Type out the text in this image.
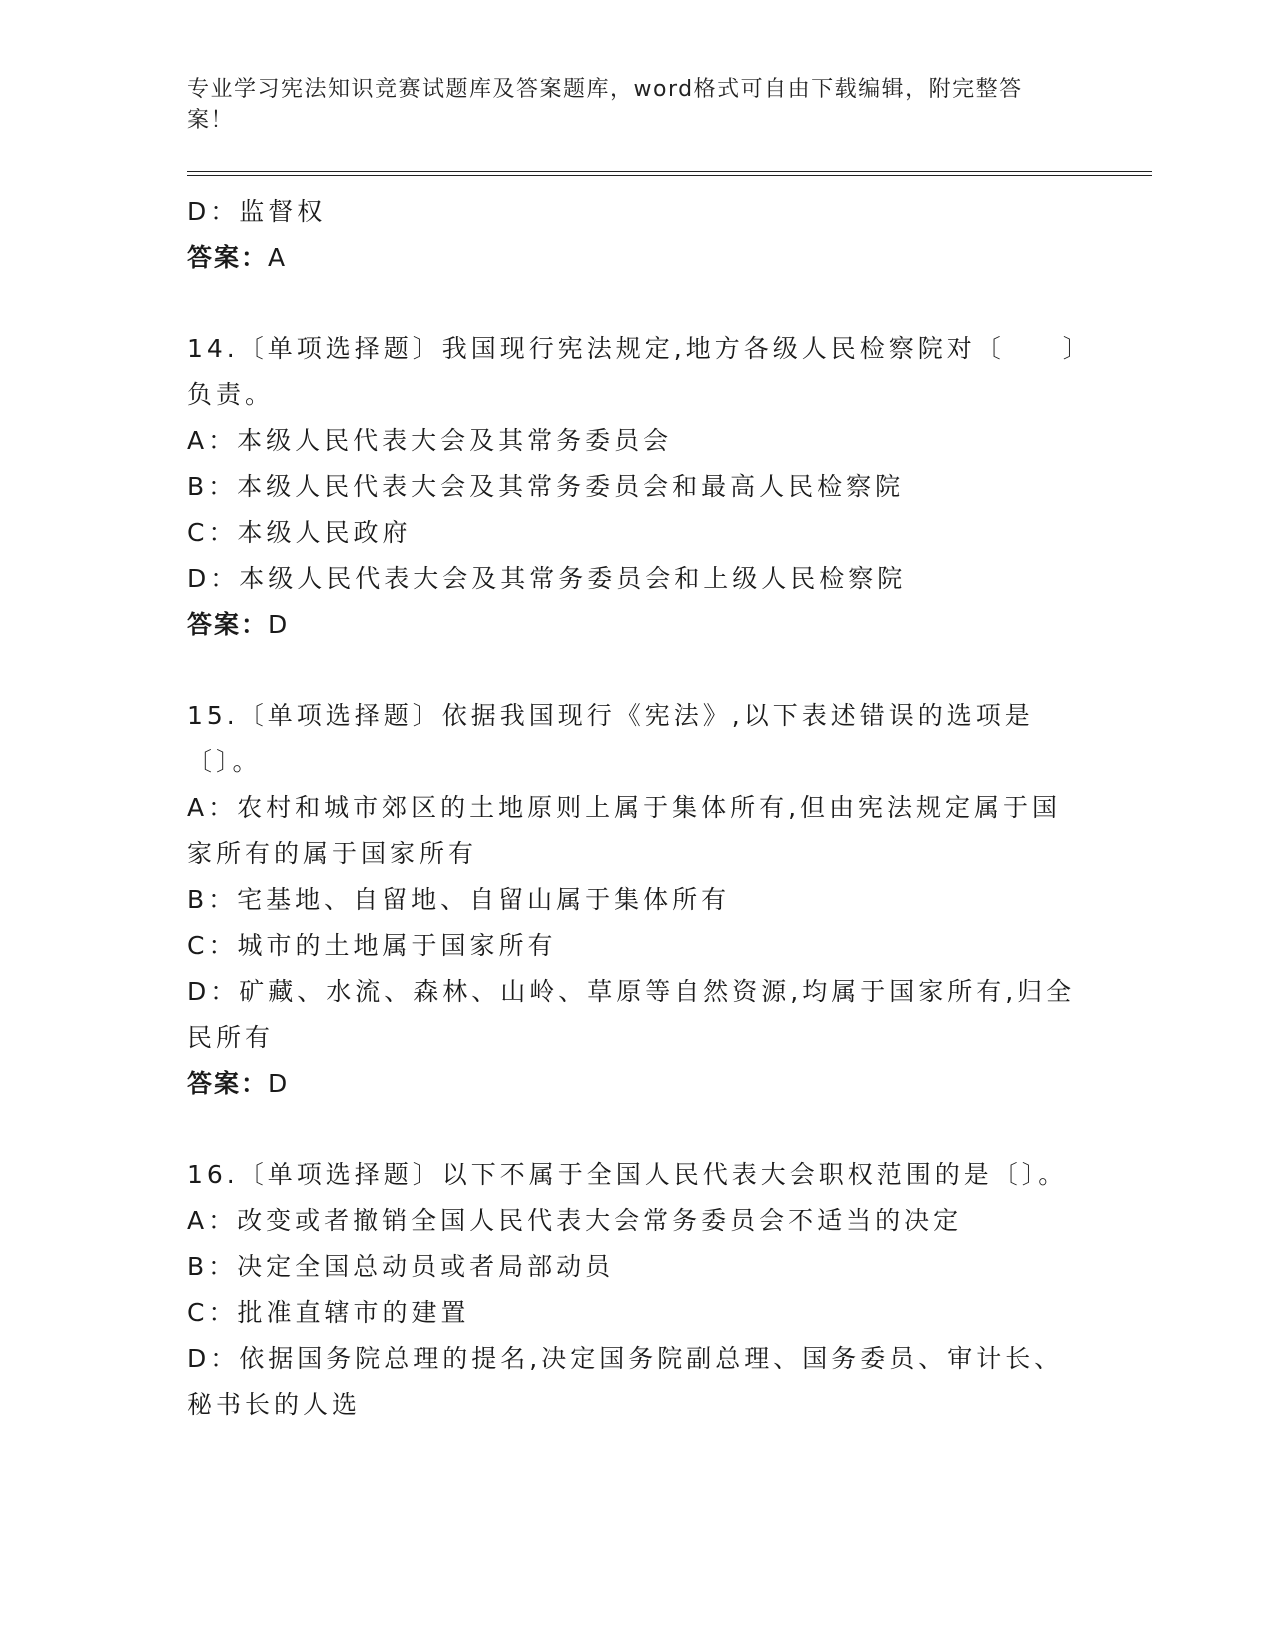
专业学习宪法知识竞赛试题库及答案题库，word格式可自由下载编辑，附完整答案！

D：监督权

答案：A

14.〔单项选择题〕我国现行宪法规定,地方各级人民检察院对〔　　〕负责。

A：本级人民代表大会及其常务委员会

B：本级人民代表大会及其常务委员会和最高人民检察院

C：本级人民政府

D：本级人民代表大会及其常务委员会和上级人民检察院

答案：D

15.〔单项选择题〕依据我国现行《宪法》,以下表述错误的选项是〔〕。

A：农村和城市郊区的土地原则上属于集体所有,但由宪法规定属于国家所有的属于国家所有

B：宅基地、自留地、自留山属于集体所有

C：城市的土地属于国家所有

D：矿藏、水流、森林、山岭、草原等自然资源,均属于国家所有,归全民所有

答案：D

16.〔单项选择题〕以下不属于全国人民代表大会职权范围的是〔〕。

A：改变或者撤销全国人民代表大会常务委员会不适当的决定

B：决定全国总动员或者局部动员

C：批准直辖市的建置

D：依据国务院总理的提名,决定国务院副总理、国务委员、审计长、秘书长的人选
